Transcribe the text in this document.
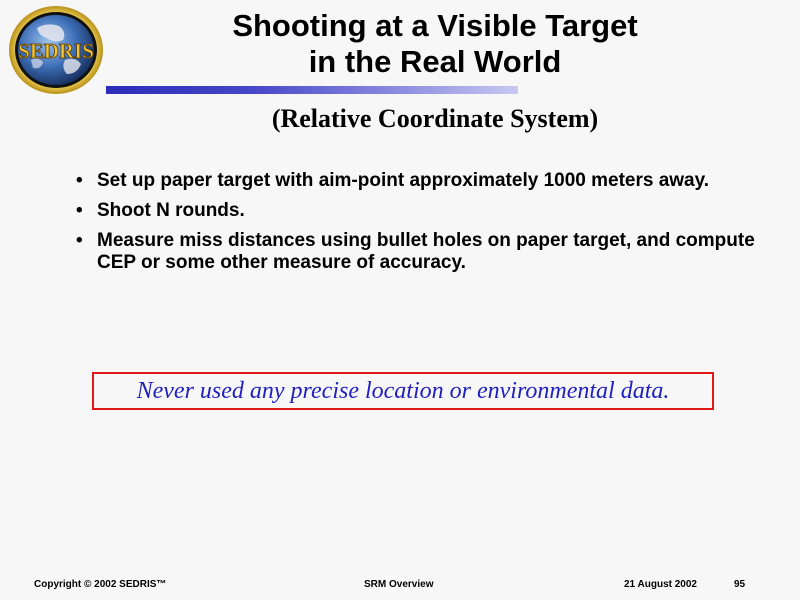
SEDRIS
Shooting at a Visible Target
in the Real World
(Relative Coordinate System)
• Set up paper target with aim-point approximately 1000 meters away.
• Shoot N rounds.
• Measure miss distances using bullet holes on paper target, and compute CEP or some other measure of accuracy.
Never used any precise location or environmental data.
Copyright © 2002 SEDRIS™	SRM Overview	21 August 2002	95
